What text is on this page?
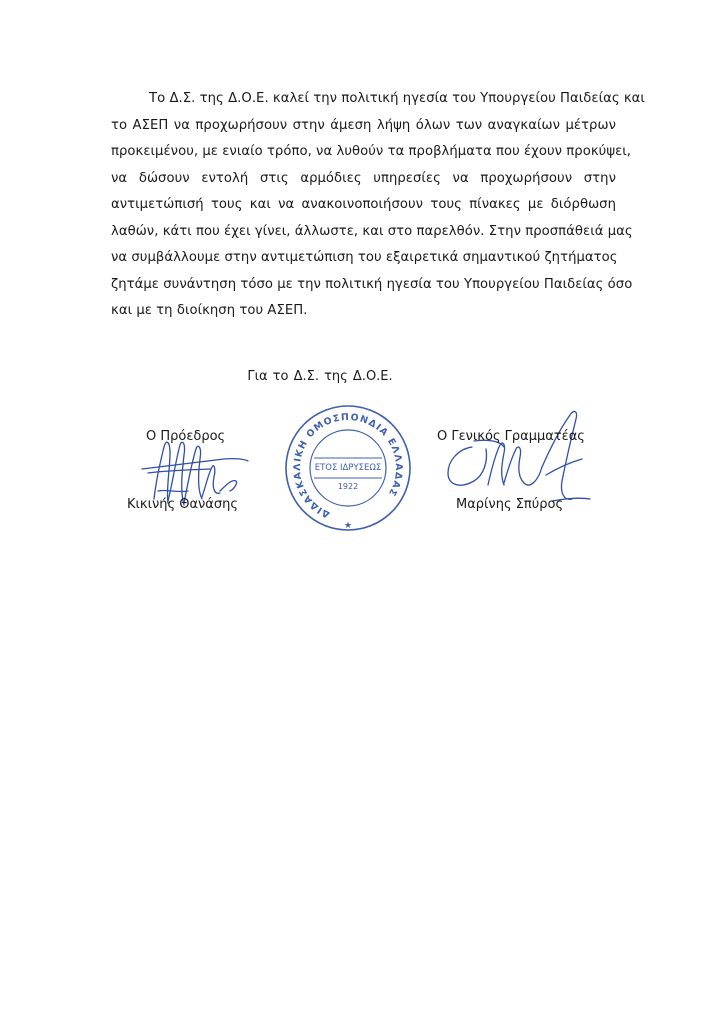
Το Δ.Σ. της Δ.Ο.Ε. καλεί την πολιτική ηγεσία του Υπουργείου Παιδείας και
το ΑΣΕΠ να προχωρήσουν στην άμεση λήψη όλων των αναγκαίων μέτρων
προκειμένου, με ενιαίο τρόπο, να λυθούν τα προβλήματα που έχουν προκύψει,
να δώσουν εντολή στις αρμόδιες υπηρεσίες να προχωρήσουν στην
αντιμετώπισή τους και να ανακοινοποιήσουν τους πίνακες με διόρθωση
λαθών, κάτι που έχει γίνει, άλλωστε, και στο παρελθόν. Στην προσπάθειά μας
να συμβάλλουμε στην αντιμετώπιση του εξαιρετικά σημαντικού ζητήματος
ζητάμε συνάντηση τόσο με την πολιτική ηγεσία του Υπουργείου Παιδείας όσο
και με τη διοίκηση του ΑΣΕΠ.

Για το Δ.Σ. της Δ.Ο.Ε.
ΔΙΔΑΣΚΑΛΙΚΗ ΟΜΟΣΠΟΝΔΙΑ ΕΛΛΑΔΑΣ
ΕΤΟΣ ΙΔΡΥΣΕΩΣ
1922
★
Ο Πρόεδρος
Κικινής Θανάσης
Ο Γενικός Γραμματέας
Μαρίνης Σπύρος
